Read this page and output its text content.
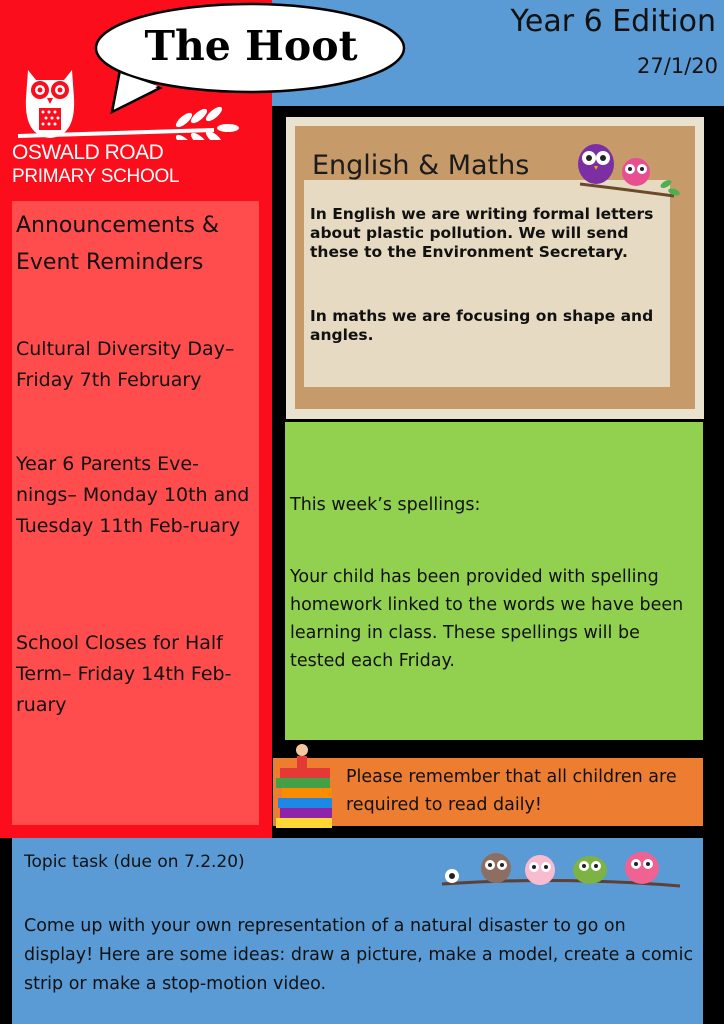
Year 6 Edition
27/1/20
The Hoot
OSWALD ROAD
PRIMARY SCHOOL
Announcements & Event Reminders
Cultural Diversity Day– Friday 7th February
Year 6 Parents Eve-nings– Monday 10th and Tuesday 11th Feb-ruary
School Closes for Half Term– Friday 14th Feb-ruary
English & Maths
In English we are writing formal letters about plastic pollution. We will send these to the Environment Secretary.
In maths we are focusing on shape and angles.
This week’s spellings:
Your child has been provided with spelling homework linked to the words we have been learning in class. These spellings will be tested each Friday.
Please remember that all children are required to read daily!
Topic task (due on 7.2.20)
Come up with your own representation of a natural disaster to go on display! Here are some ideas: draw a picture, make a model, create a comic strip or make a stop-motion video.
